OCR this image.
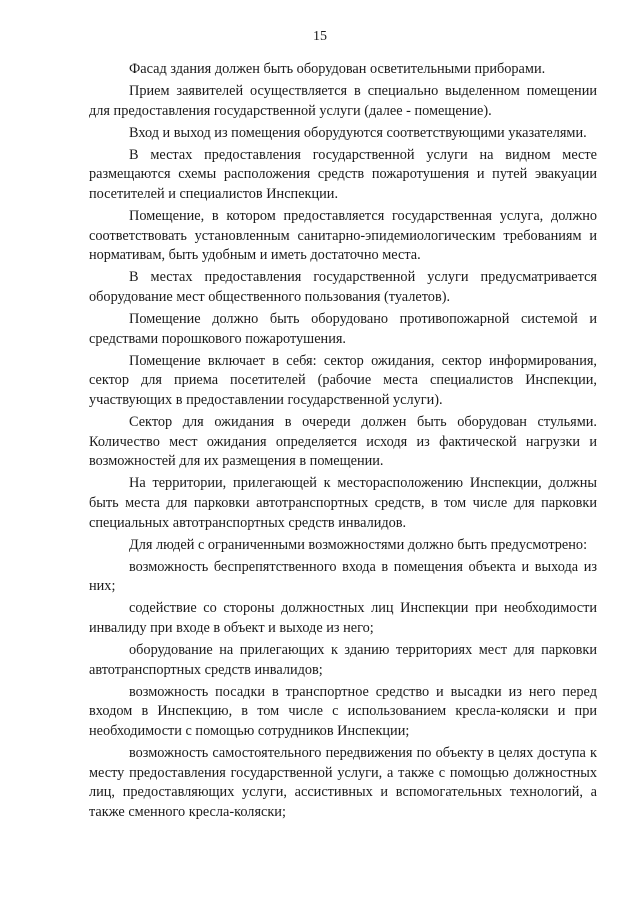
15

Фасад здания должен быть оборудован осветительными приборами.

Прием заявителей осуществляется в специально выделенном помещении для предоставления государственной услуги (далее - помещение).

Вход и выход из помещения оборудуются соответствующими указателями.

В местах предоставления государственной услуги на видном месте размещаются схемы расположения средств пожаротушения и путей эвакуации посетителей и специалистов Инспекции.

Помещение, в котором предоставляется государственная услуга, должно соответствовать установленным санитарно-эпидемиологическим требованиям и нормативам, быть удобным и иметь достаточно места.

В местах предоставления государственной услуги предусматривается оборудование мест общественного пользования (туалетов).

Помещение должно быть оборудовано противопожарной системой и средствами порошкового пожаротушения.

Помещение включает в себя: сектор ожидания, сектор информирования, сектор для приема посетителей (рабочие места специалистов Инспекции, участвующих в предоставлении государственной услуги).

Сектор для ожидания в очереди должен быть оборудован стульями. Количество мест ожидания определяется исходя из фактической нагрузки и возможностей для их размещения в помещении.

На территории, прилегающей к месторасположению Инспекции, должны быть места для парковки автотранспортных средств, в том числе для парковки специальных автотранспортных средств инвалидов.

Для людей с ограниченными возможностями должно быть предусмотрено:

возможность беспрепятственного входа в помещения объекта и выхода из них;

содействие со стороны должностных лиц Инспекции при необходимости инвалиду при входе в объект и выходе из него;

оборудование на прилегающих к зданию территориях мест для парковки автотранспортных средств инвалидов;

возможность посадки в транспортное средство и высадки из него перед входом в Инспекцию, в том числе с использованием кресла-коляски и при необходимости с помощью сотрудников Инспекции;

возможность самостоятельного передвижения по объекту в целях доступа к месту предоставления государственной услуги, а также с помощью должностных лиц, предоставляющих услуги, ассистивных и вспомогательных технологий, а также сменного кресла-коляски;
